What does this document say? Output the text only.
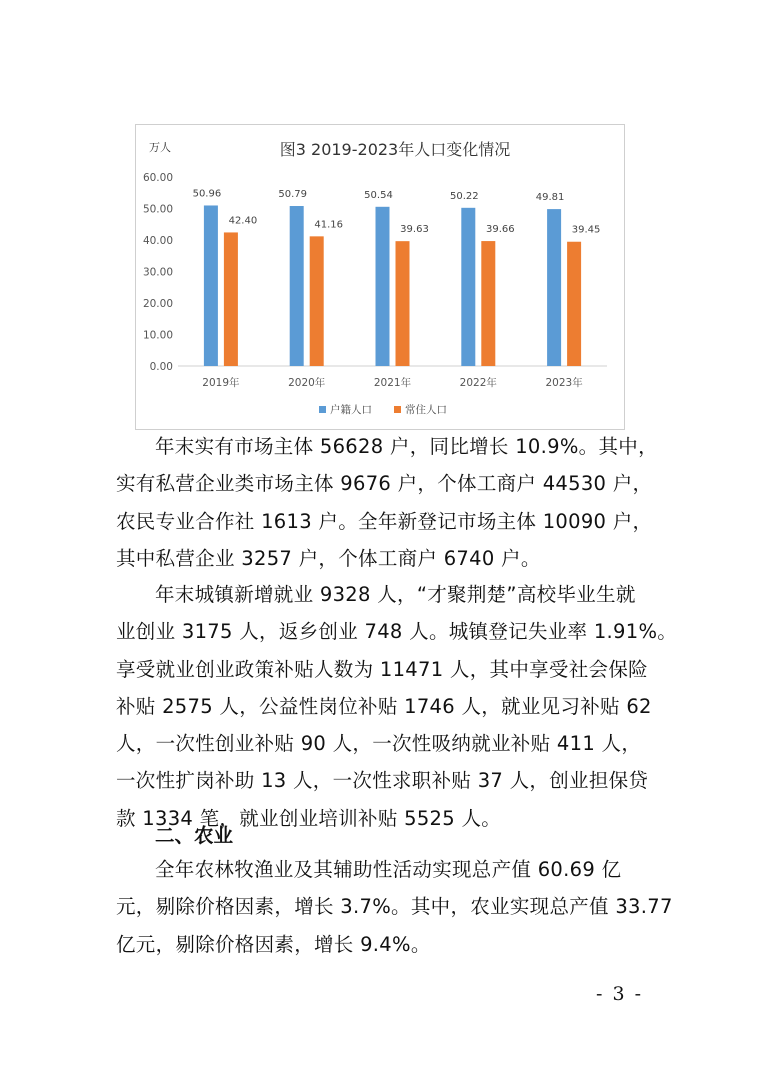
图3 2019-2023年人口变化情况
万人
0.00
10.00
20.00
30.00
40.00
50.00
60.00
2019年
50.96
42.40
2020年
50.79
41.16
2021年
50.54
39.63
2022年
50.22
39.66
2023年
49.81
39.45
户籍人口	常住人口

年末实有市场主体 56628 户，同比增长 10.9%。其中，
实有私营企业类市场主体 9676 户，个体工商户 44530 户，
农民专业合作社 1613 户。全年新登记市场主体 10090 户，
其中私营企业 3257 户，个体工商户 6740 户。

年末城镇新增就业 9328 人，“才聚荆楚”高校毕业生就
业创业 3175 人，返乡创业 748 人。城镇登记失业率 1.91%。
享受就业创业政策补贴人数为 11471 人，其中享受社会保险
补贴 2575 人，公益性岗位补贴 1746 人，就业见习补贴 62
人，一次性创业补贴 90 人，一次性吸纳就业补贴 411 人，
一次性扩岗补助 13 人，一次性求职补贴 37 人，创业担保贷
款 1334 笔，就业创业培训补贴 5525 人。

二、农业

全年农林牧渔业及其辅助性活动实现总产值 60.69 亿
元，剔除价格因素，增长 3.7%。其中，农业实现总产值 33.77
亿元，剔除价格因素，增长 9.4%。

- 3 -
